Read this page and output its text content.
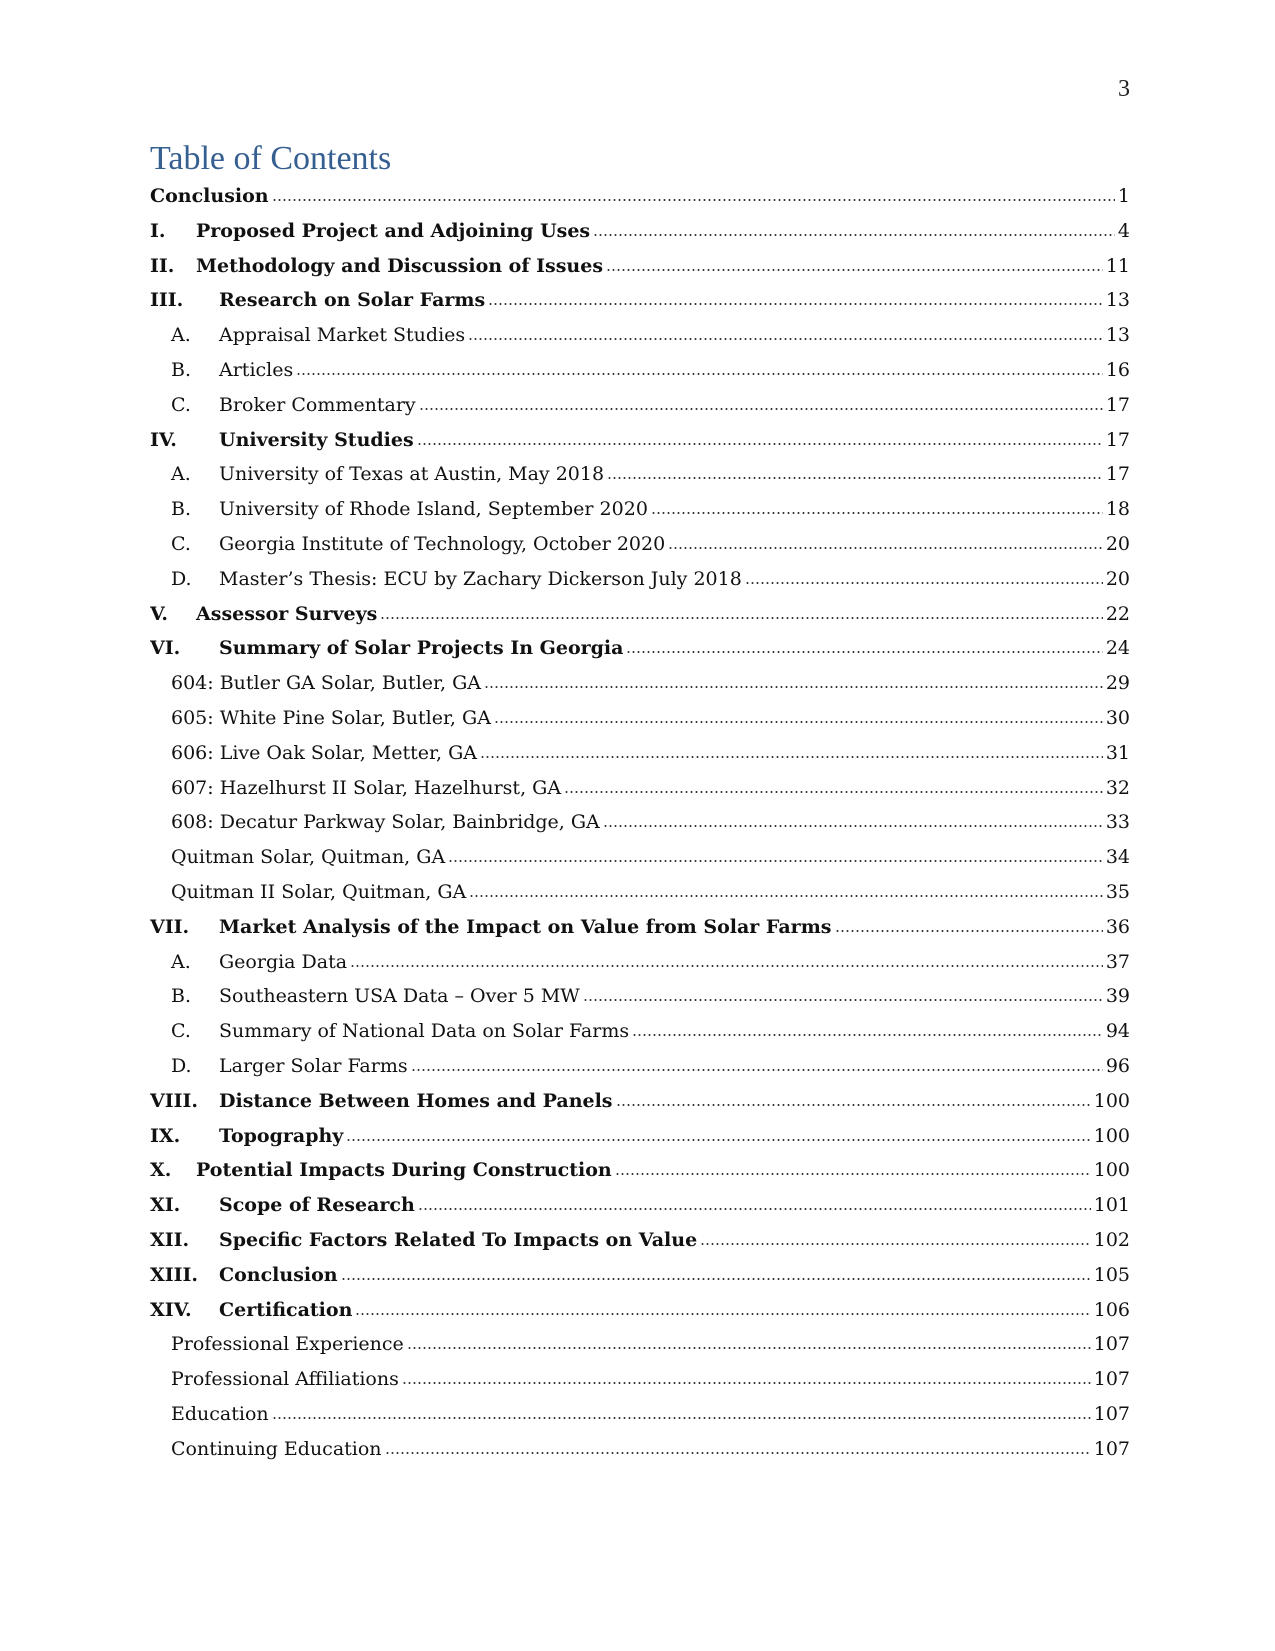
3
Table of Contents
Conclusion	1
I.	Proposed Project and Adjoining Uses	4
II.	Methodology and Discussion of Issues	11
III.	Research on Solar Farms	13
A.	Appraisal Market Studies	13
B.	Articles	16
C.	Broker Commentary	17
IV.	University Studies	17
A.	University of Texas at Austin, May 2018	17
B.	University of Rhode Island, September 2020	18
C.	Georgia Institute of Technology, October 2020	20
D.	Master’s Thesis: ECU by Zachary Dickerson July 2018	20
V.	Assessor Surveys	22
VI.	Summary of Solar Projects In Georgia	24
604: Butler GA Solar, Butler, GA	29
605: White Pine Solar, Butler, GA	30
606: Live Oak Solar, Metter, GA	31
607: Hazelhurst II Solar, Hazelhurst, GA	32
608: Decatur Parkway Solar, Bainbridge, GA	33
Quitman Solar, Quitman, GA	34
Quitman II Solar, Quitman, GA	35
VII.	Market Analysis of the Impact on Value from Solar Farms	36
A.	Georgia Data	37
B.	Southeastern USA Data – Over 5 MW	39
C.	Summary of National Data on Solar Farms	94
D.	Larger Solar Farms	96
VIII.	Distance Between Homes and Panels	100
IX.	Topography	100
X.	Potential Impacts During Construction	100
XI.	Scope of Research	101
XII.	Specific Factors Related To Impacts on Value	102
XIII.	Conclusion	105
XIV.	Certification	106
Professional Experience	107
Professional Affiliations	107
Education	107
Continuing Education	107
